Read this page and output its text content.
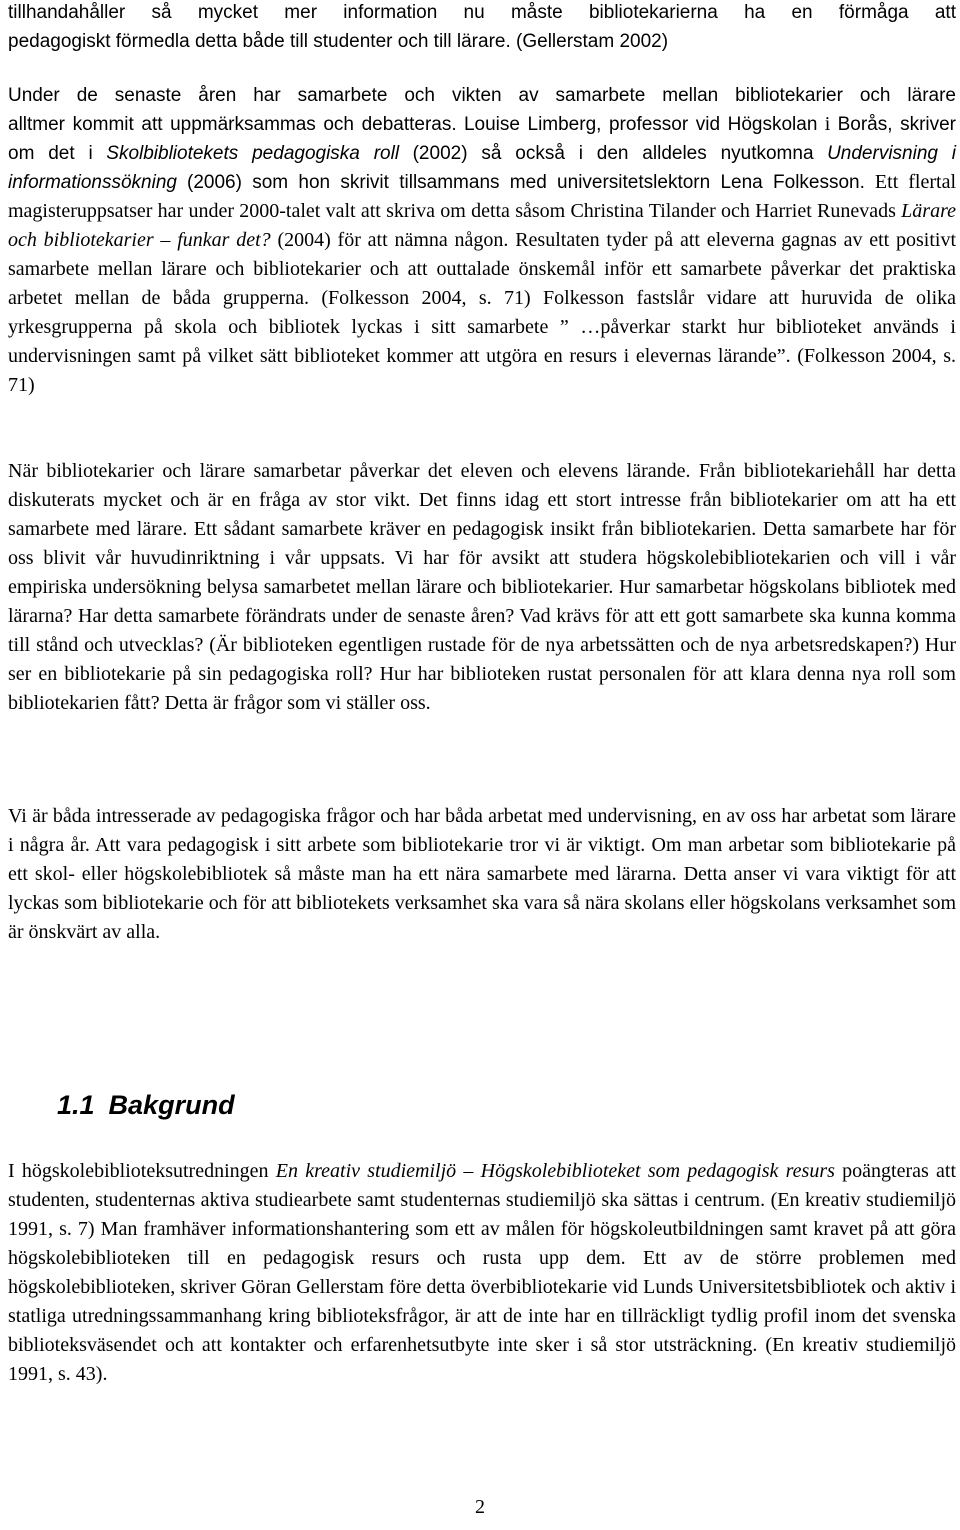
tillhandahåller så mycket mer information nu måste bibliotekarierna ha en förmåga att
pedagogiskt förmedla detta både till studenter och till lärare. (Gellerstam 2002)
Under de senaste åren har samarbete och vikten av samarbete mellan bibliotekarier och lärare
alltmer kommit att uppmärksammas och debatteras. Louise Limberg, professor vid Högskolan i Borås, skriver om det i Skolbibliotekets pedagogiska roll (2002) så också i den alldeles nyutkomna Undervisning i informationssökning (2006) som hon skrivit tillsammans med universitetslektorn Lena Folkesson. Ett flertal magisteruppsatser har under 2000-talet valt att skriva om detta såsom Christina Tilander och Harriet Runevads Lärare och bibliotekarier – funkar det? (2004) för att nämna någon. Resultaten tyder på att eleverna gagnas av ett positivt samarbete mellan lärare och bibliotekarier och att outtalade önskemål inför ett samarbete påverkar det praktiska arbetet mellan de båda grupperna. (Folkesson 2004, s. 71) Folkesson fastslår vidare att huruvida de olika yrkesgrupperna på skola och bibliotek lyckas i sitt samarbete ” …påverkar starkt hur biblioteket används i undervisningen samt på vilket sätt biblioteket kommer att utgöra en resurs i elevernas lärande”. (Folkesson 2004, s. 71)

När bibliotekarier och lärare samarbetar påverkar det eleven och elevens lärande. Från bibliotekariehåll har detta diskuterats mycket och är en fråga av stor vikt. Det finns idag ett stort intresse från bibliotekarier om att ha ett samarbete med lärare. Ett sådant samarbete kräver en pedagogisk insikt från bibliotekarien. Detta samarbete har för oss blivit vår huvudinriktning i vår uppsats. Vi har för avsikt att studera högskolebibliotekarien och vill i vår empiriska undersökning belysa samarbetet mellan lärare och bibliotekarier. Hur samarbetar högskolans bibliotek med lärarna? Har detta samarbete förändrats under de senaste åren? Vad krävs för att ett gott samarbete ska kunna komma till stånd och utvecklas? (Är biblioteken egentligen rustade för de nya arbetssätten och de nya arbetsredskapen?) Hur ser en bibliotekarie på sin pedagogiska roll? Hur har biblioteken rustat personalen för att klara denna nya roll som bibliotekarien fått? Detta är frågor som vi ställer oss.

Vi är båda intresserade av pedagogiska frågor och har båda arbetat med undervisning, en av oss har arbetat som lärare i några år. Att vara pedagogisk i sitt arbete som bibliotekarie tror vi är viktigt. Om man arbetar som bibliotekarie på ett skol- eller högskolebibliotek så måste man ha ett nära samarbete med lärarna. Detta anser vi vara viktigt för att lyckas som bibliotekarie och för att bibliotekets verksamhet ska vara så nära skolans eller högskolans verksamhet som är önskvärt av alla.

I högskolebiblioteksutredningen En kreativ studiemiljö – Högskolebiblioteket som pedagogisk resurs poängteras att studenten, studenternas aktiva studiearbete samt studenternas studiemiljö ska sättas i centrum. (En kreativ studiemiljö 1991, s. 7) Man framhäver informationshantering som ett av målen för högskoleutbildningen samt kravet på att göra högskolebiblioteken till en pedagogisk resurs och rusta upp dem. Ett av de större problemen med högskolebiblioteken, skriver Göran Gellerstam före detta överbibliotekarie vid Lunds Universitetsbibliotek och aktiv i statliga utredningssammanhang kring biblioteksfrågor, är att de inte har en tillräckligt tydlig profil inom det svenska biblioteksväsendet och att kontakter och erfarenhetsutbyte inte sker i så stor utsträckning. (En kreativ studiemiljö 1991, s. 43).
1.1 Bakgrund
2
